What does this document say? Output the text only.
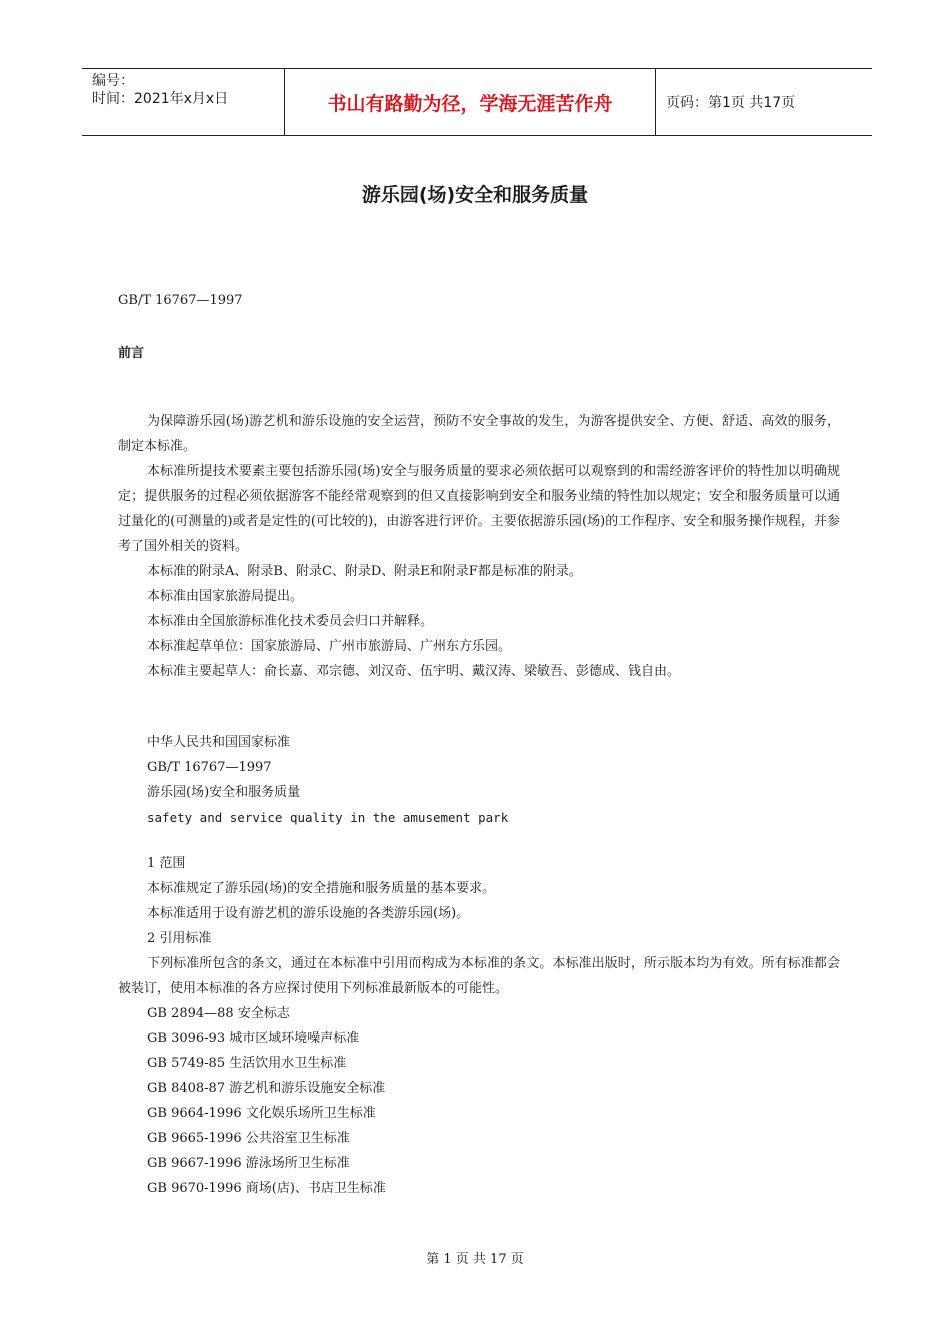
编号：
时间：2021年x月x日	书山有路勤为径，学海无涯苦作舟	页码：第1页 共17页
游乐园(场)安全和服务质量
GB/T 16767—1997
前言

为保障游乐园(场)游艺机和游乐设施的安全运营，预防不安全事故的发生，为游客提供安全、方便、舒适、高效的服务，制定本标准。

本标准所提技术要素主要包括游乐园(场)安全与服务质量的要求必须依据可以观察到的和需经游客评价的特性加以明确规定；提供服务的过程必须依据游客不能经常观察到的但又直接影响到安全和服务业绩的特性加以规定；安全和服务质量可以通过量化的(可测量的)或者是定性的(可比较的)，由游客进行评价。主要依据游乐园(场)的工作程序、安全和服务操作规程，并参考了国外相关的资料。

本标准的附录A、附录B、附录C、附录D、附录E和附录F都是标准的附录。

本标准由国家旅游局提出。

本标准由全国旅游标准化技术委员会归口并解释。

本标准起草单位：国家旅游局、广州市旅游局、广州东方乐园。

本标准主要起草人：俞长嘉、邓宗德、刘汉奇、伍宇明、戴汉涛、梁敏吾、彭德成、钱自由。

中华人民共和国国家标准
GB/T 16767—1997
游乐园(场)安全和服务质量
safety and service quality in the amusement park
1 范围
本标准规定了游乐园(场)的安全措施和服务质量的基本要求。
本标准适用于设有游艺机的游乐设施的各类游乐园(场)。
2 引用标准

下列标准所包含的条文，通过在本标准中引用而构成为本标准的条文。本标准出版时，所示版本均为有效。所有标准都会被装订，使用本标准的各方应探讨使用下列标准最新版本的可能性。

GB 2894—88 安全标志
GB 3096-93 城市区域环境噪声标准
GB 5749-85 生活饮用水卫生标准
GB 8408-87 游艺机和游乐设施安全标准
GB 9664-1996 文化娱乐场所卫生标准
GB 9665-1996 公共浴室卫生标准
GB 9667-1996 游泳场所卫生标准
GB 9670-1996 商场(店)、书店卫生标准
第 1 页 共 17 页
